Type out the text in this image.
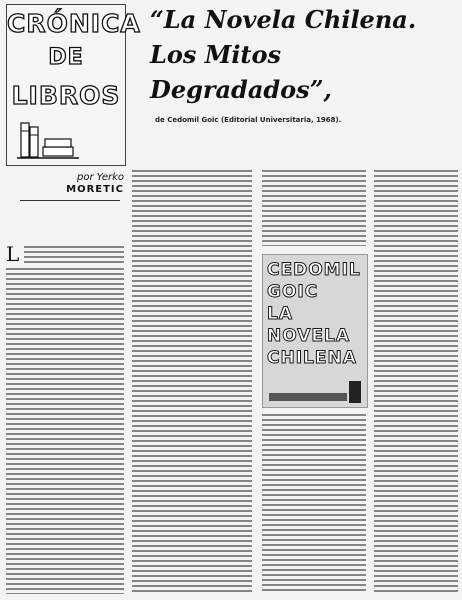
CRÓNICA
DE
LIBROS
por Yerko
MORETIC
“La Novela Chilena.
Los Mitos
Degradados”,
de Cedomil Goic (Editorial Universitaria, 1968).
L
CEDOMIL
GOIC
LA
NOVELA
CHILENA
